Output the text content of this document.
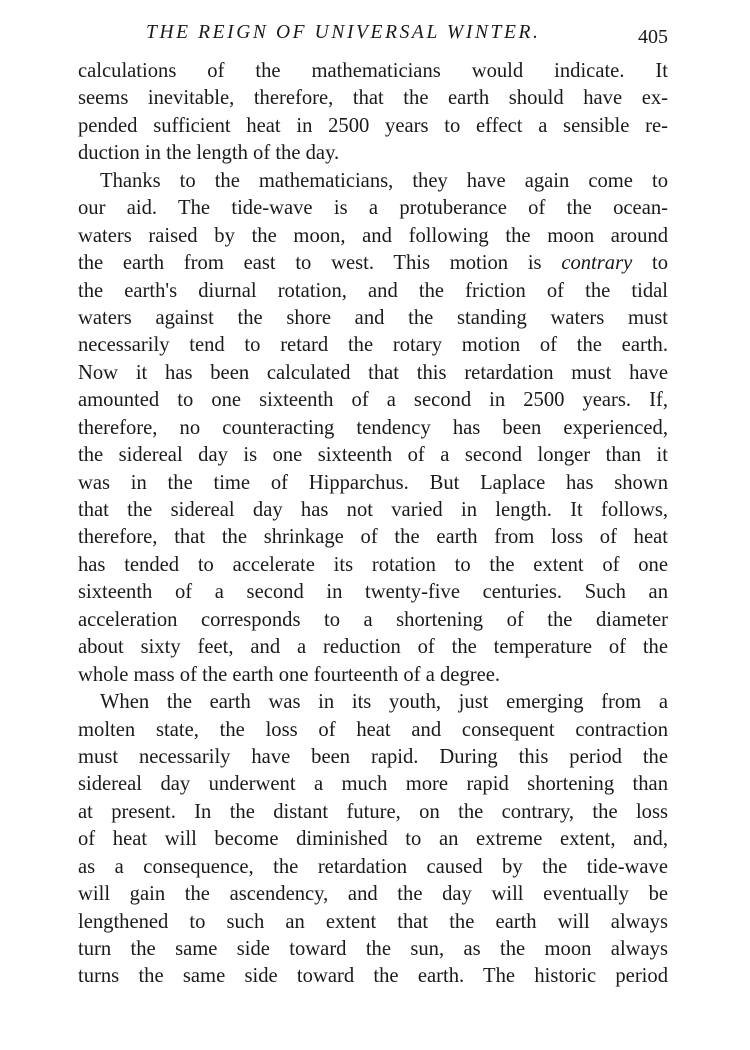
THE REIGN OF UNIVERSAL WINTER.	405
calculations of the mathematicians would indicate. It
seems inevitable, therefore, that the earth should have ex-
pended sufficient heat in 2500 years to effect a sensible re-
duction in the length of the day.
Thanks to the mathematicians, they have again come to
our aid. The tide-wave is a protuberance of the ocean-
waters raised by the moon, and following the moon around
the earth from east to west. This motion is contrary to
the earth's diurnal rotation, and the friction of the tidal
waters against the shore and the standing waters must
necessarily tend to retard the rotary motion of the earth.
Now it has been calculated that this retardation must have
amounted to one sixteenth of a second in 2500 years. If,
therefore, no counteracting tendency has been experienced,
the sidereal day is one sixteenth of a second longer than it
was in the time of Hipparchus. But Laplace has shown
that the sidereal day has not varied in length. It follows,
therefore, that the shrinkage of the earth from loss of heat
has tended to accelerate its rotation to the extent of one
sixteenth of a second in twenty-five centuries. Such an
acceleration corresponds to a shortening of the diameter
about sixty feet, and a reduction of the temperature of the
whole mass of the earth one fourteenth of a degree.
When the earth was in its youth, just emerging from a
molten state, the loss of heat and consequent contraction
must necessarily have been rapid. During this period the
sidereal day underwent a much more rapid shortening than
at present. In the distant future, on the contrary, the loss
of heat will become diminished to an extreme extent, and,
as a consequence, the retardation caused by the tide-wave
will gain the ascendency, and the day will eventually be
lengthened to such an extent that the earth will always
turn the same side toward the sun, as the moon always
turns the same side toward the earth. The historic period
